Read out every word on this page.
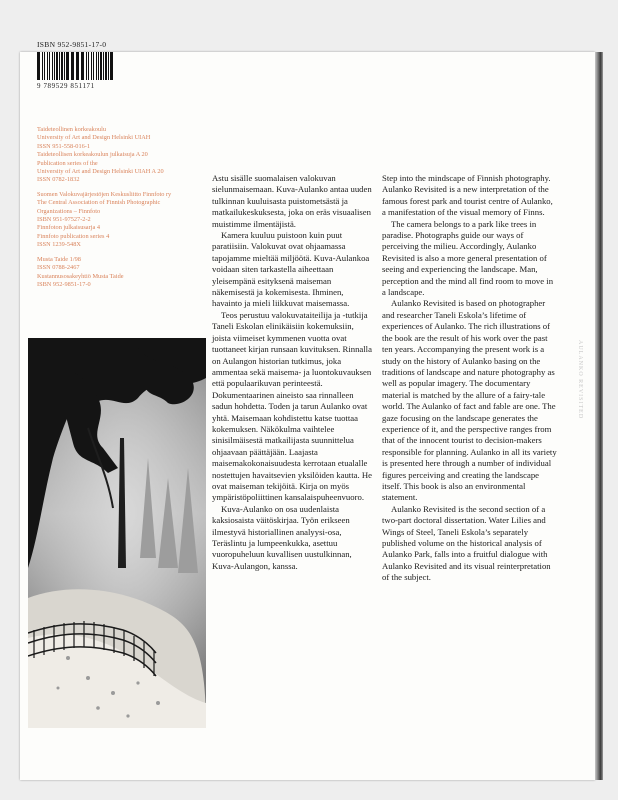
AULANKO REVISITED
ISBN 952-9851-17-0
9 789529 851171
Taideteollinen korkeakoulu
University of Art and Design Helsinki UIAH
ISSN 951-558-016-1
Taideteollisen korkeakoulun julkaisuja A 20
Publication series of the
University of Art and Design Helsinki UIAH A 20
ISSN 0782-1832
Suomen Valokuvajärjestöjen Keskusliitto Finnfoto ry
The Central Association of Finnish Photographic
Organizations – Finnfoto
ISBN 951-97527-2-2
Finnfoton julkaisusarja 4
Finnfoto publication series 4
ISSN 1239-548X
Musta Taide 1/98
ISSN 0788-2467
Kustannusosakeyhtiö Musta Taide
ISBN 952-9851-17-0

Astu sisälle suomalaisen valokuvan sielunmaisemaan. Kuva-Aulanko antaa uuden tulkinnan kuuluisasta puistometsästä ja matkailukeskuksesta, joka on eräs visuaalisen muistimme ilmentäjistä.

Kamera kuuluu puistoon kuin puut paratiisiin. Valokuvat ovat ohjaamassa tapojamme mieltää miljöötä. Kuva-Aulankoa voidaan siten tarkastella aiheettaan yleisempänä esityksenä maiseman näkemisestä ja kokemisesta. Ihminen, havainto ja mieli liikkuvat maisemassa.

Teos perustuu valokuvataiteilija ja -tutkija Taneli Eskolan elinikäisiin kokemuksiin, joista viimeiset kymmenen vuotta ovat tuottaneet kirjan runsaan kuvituksen. Rinnalla on Aulangon historian tutkimus, joka ammentaa sekä maisema- ja luontokuvauksen että populaarikuvan perinteestä. Dokumentaarinen aineisto saa rinnalleen sadun hohdetta. Toden ja tarun Aulanko ovat yhtä. Maisemaan kohdistettu katse tuottaa kokemuksen. Näkökulma vaihtelee sinisilmäisestä matkailijasta suunnittelua ohjaavaan päättäjään. Laajasta maisemakokonaisuudesta kerrotaan etualalle nostettujen havaitsevien yksilöiden kautta. He ovat maiseman tekijöitä. Kirja on myös ympäristöpoliittinen kansalaispuheenvuoro.

Kuva-Aulanko on osa uudenlaista kaksiosaista väitöskirjaa. Työn erikseen ilmestyvä historiallinen analyysi-osa, Teräslintu ja lumpeenkukka, asettuu vuoropuheluun kuvallisen uustulkinnan, Kuva-Aulangon, kanssa.

Step into the mindscape of Finnish photography. Aulanko Revisited is a new interpretation of the famous forest park and tourist centre of Aulanko, a manifestation of the visual memory of Finns.

The camera belongs to a park like trees in paradise. Photographs guide our ways of perceiving the milieu. Accordingly, Aulanko Revisited is also a more general presentation of seeing and experiencing the landscape. Man, perception and the mind all find room to move in a landscape.

Aulanko Revisited is based on photographer and researcher Taneli Eskola’s lifetime of experiences of Aulanko. The rich illustrations of the book are the result of his work over the past ten years. Accompanying the present work is a study on the history of Aulanko basing on the traditions of landscape and nature photography as well as popular imagery. The documentary material is matched by the allure of a fairy-tale world. The Aulanko of fact and fable are one. The gaze focusing on the landscape generates the experience of it, and the perspective ranges from that of the innocent tourist to decision-makers responsible for planning. Aulanko in all its variety is presented here through a number of individual figures perceiving and creating the landscape itself. This book is also an environmental statement.

Aulanko Revisited is the second section of a two-part doctoral dissertation. Water Lilies and Wings of Steel, Taneli Eskola’s separately published volume on the historical analysis of Aulanko Park, falls into a fruitful dialogue with Aulanko Revisited and its visual reinterpretation of the subject.
